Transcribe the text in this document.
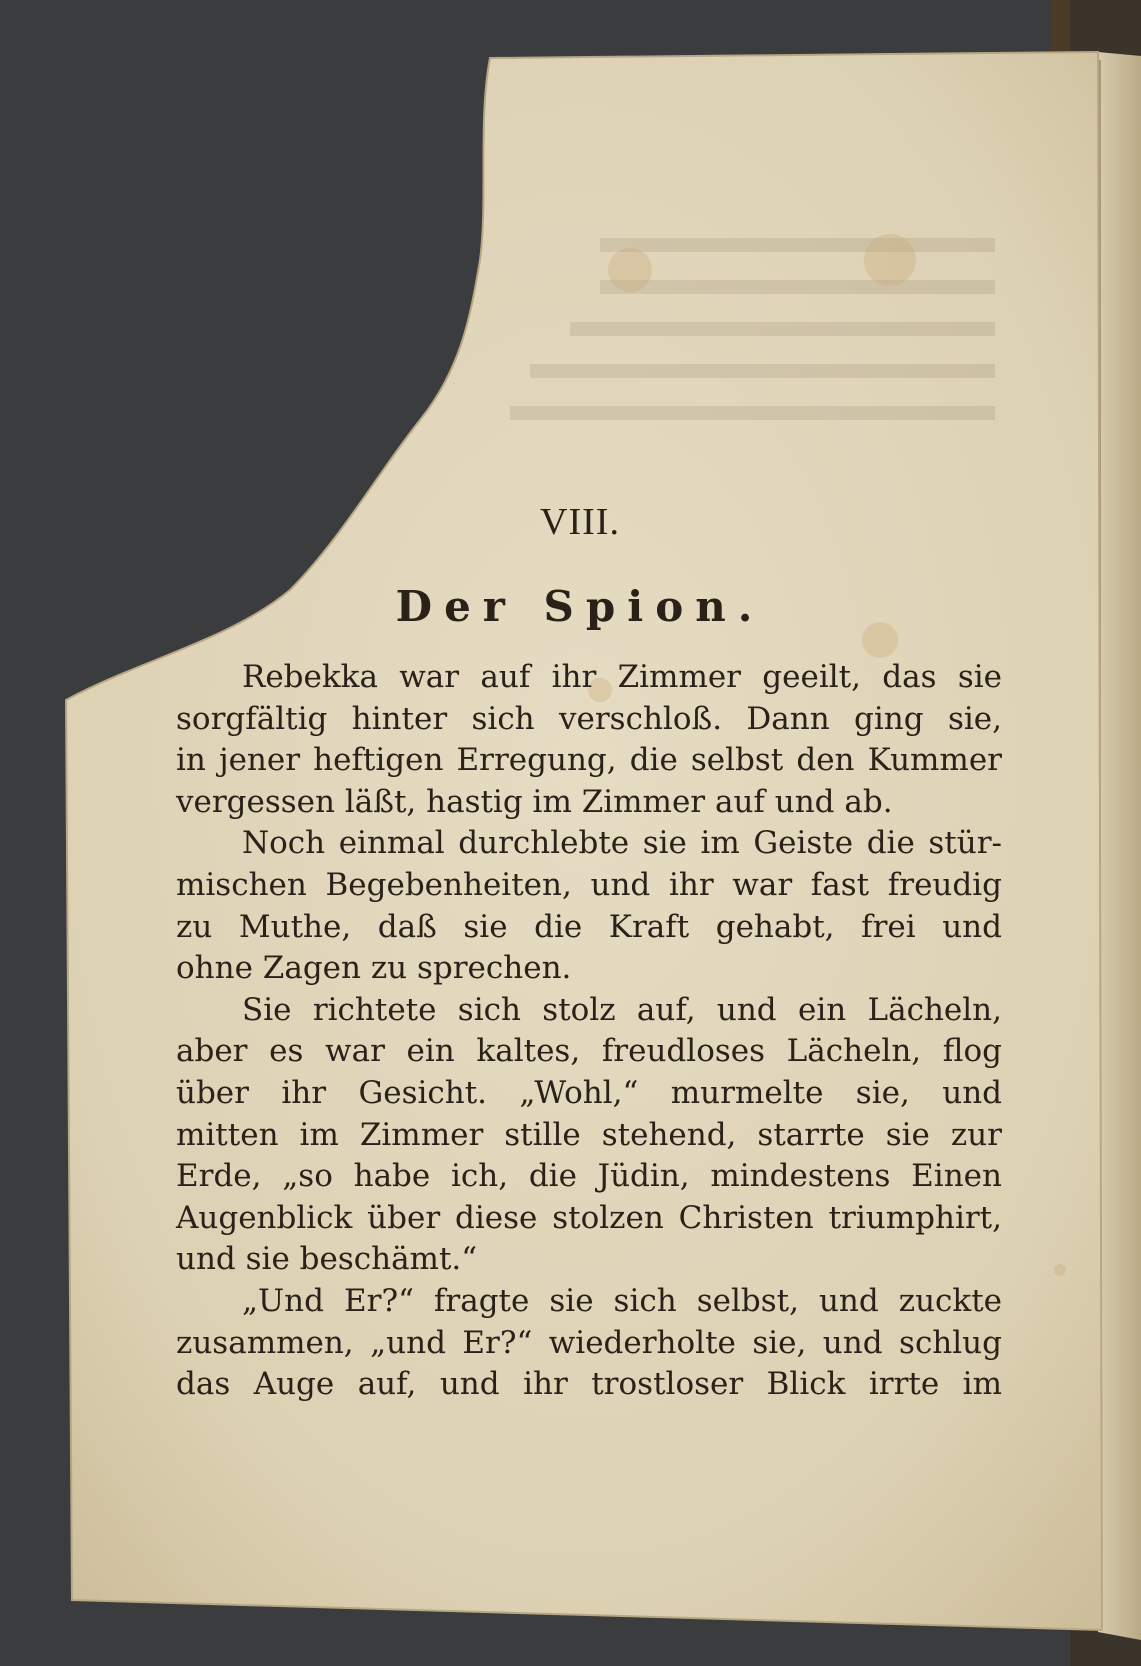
VIII.
Der Spion.
Rebekka war auf ihr Zimmer geeilt, das sie
sorgfältig hinter sich verschloß. Dann ging sie,
in jener heftigen Erregung, die selbst den Kummer
vergessen läßt, hastig im Zimmer auf und ab.
Noch einmal durchlebte sie im Geiste die stür-
mischen Begebenheiten, und ihr war fast freudig
zu Muthe, daß sie die Kraft gehabt, frei und
ohne Zagen zu sprechen.
Sie richtete sich stolz auf, und ein Lächeln,
aber es war ein kaltes, freudloses Lächeln, flog
über ihr Gesicht. „Wohl,“ murmelte sie, und
mitten im Zimmer stille stehend, starrte sie zur
Erde, „so habe ich, die Jüdin, mindestens Einen
Augenblick über diese stolzen Christen triumphirt,
und sie beschämt.“
„Und Er?“ fragte sie sich selbst, und zuckte
zusammen, „und Er?“ wiederholte sie, und schlug
das Auge auf, und ihr trostloser Blick irrte im
